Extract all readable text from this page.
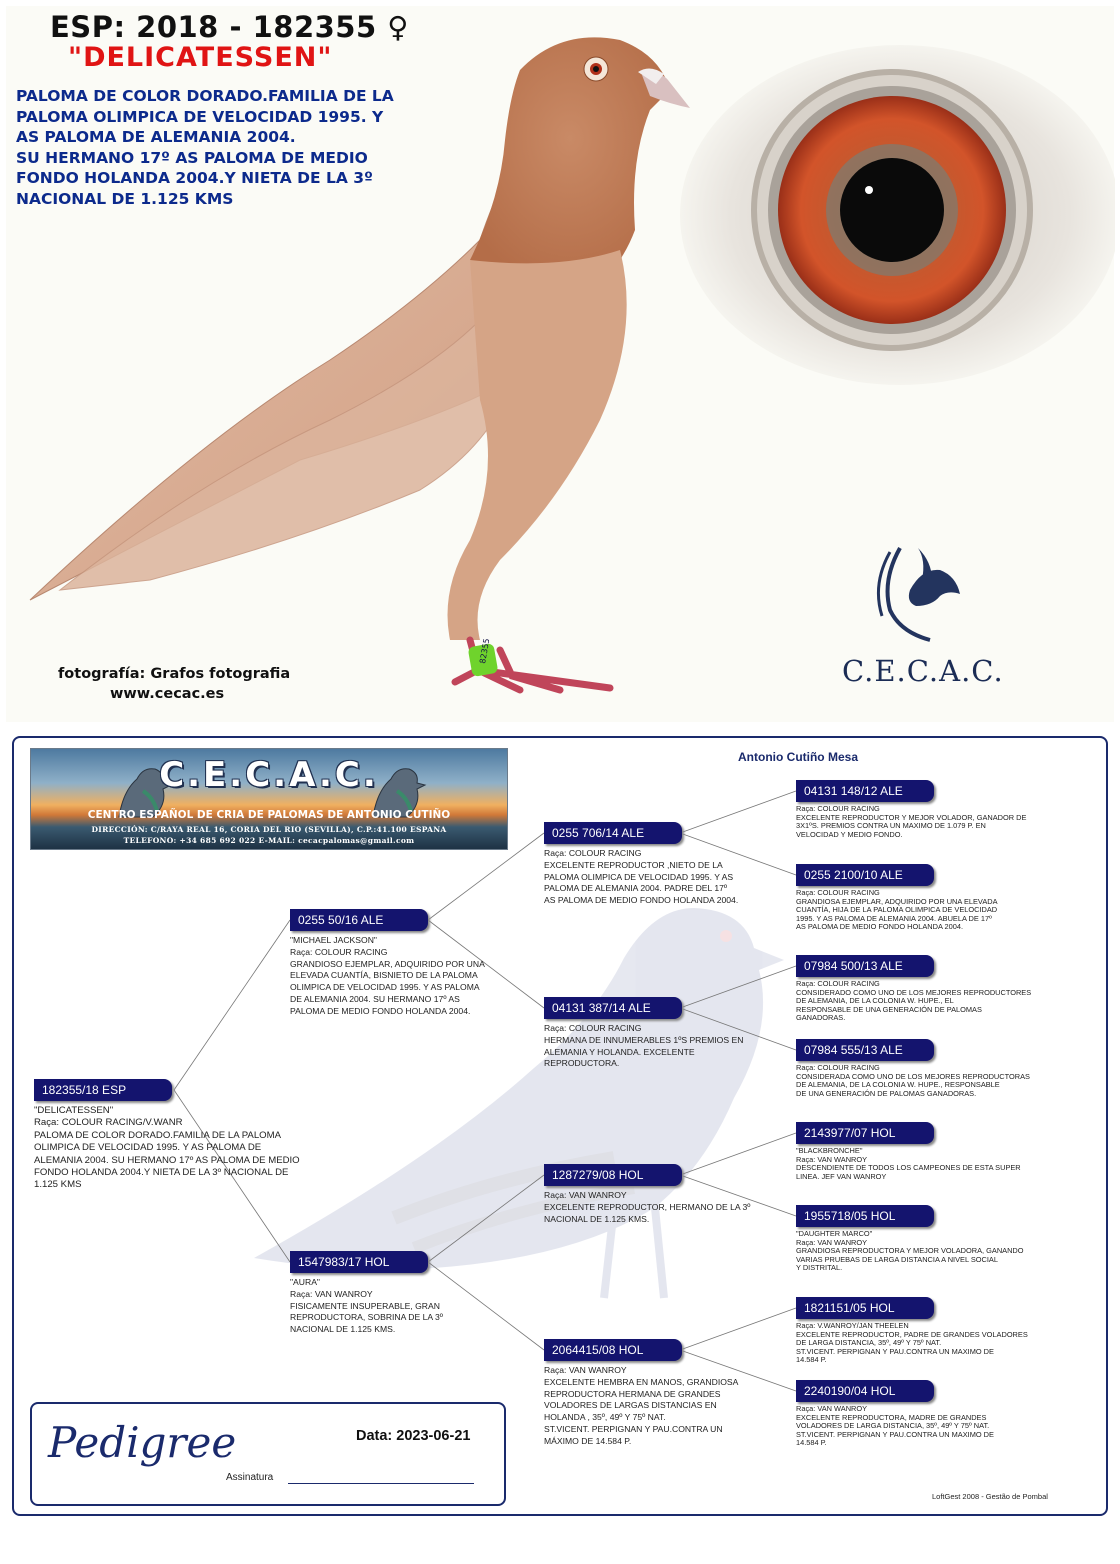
82355
ESP: 2018 - 182355 ♀
"DELICATESSEN"
PALOMA DE COLOR DORADO.FAMILIA DE LA
PALOMA OLIMPICA DE VELOCIDAD 1995. Y
AS PALOMA DE ALEMANIA 2004.
SU HERMANO 17º AS PALOMA DE MEDIO
FONDO HOLANDA 2004.Y NIETA DE LA 3º
NACIONAL DE 1.125 KMS
fotografía: Grafos fotografia
www.cecac.es
C.E.C.A.C.
Antonio Cutiño Mesa
C.E.C.A.C.
CENTRO ESPAÑOL DE CRIA DE PALOMAS DE ANTONIO CUTIÑO
DIRECCIÓN: C/RAYA REAL 16, CORIA DEL RIO (SEVILLA), C.P.:41.100 ESPANA
TELEFONO: +34 685 692 022 E-MAIL: cecacpalomas@gmail.com
182355/18 ESP
"DELICATESSEN"
Raça: COLOUR RACING/V.WANR
PALOMA DE COLOR DORADO.FAMILIA DE LA PALOMA
OLIMPICA DE VELOCIDAD 1995. Y AS PALOMA DE
ALEMANIA 2004. SU HERMANO 17º AS PALOMA DE MEDIO
FONDO HOLANDA 2004.Y NIETA DE LA 3º NACIONAL DE
1.125 KMS
0255 50/16 ALE
"MICHAEL JACKSON"
Raça: COLOUR RACING
GRANDIOSO EJEMPLAR, ADQUIRIDO POR UNA
ELEVADA CUANTÍA, BISNIETO DE LA PALOMA
OLIMPICA DE VELOCIDAD 1995. Y AS PALOMA
DE ALEMANIA 2004. SU HERMANO 17º AS
PALOMA DE MEDIO FONDO HOLANDA 2004.
1547983/17 HOL
"AURA"
Raça: VAN WANROY
FISICAMENTE INSUPERABLE, GRAN
REPRODUCTORA, SOBRINA DE LA 3º
NACIONAL DE 1.125 KMS.
0255 706/14 ALE
Raça: COLOUR RACING
EXCELENTE REPRODUCTOR ,NIETO DE LA
PALOMA OLIMPICA DE VELOCIDAD 1995. Y AS
PALOMA DE ALEMANIA 2004. PADRE DEL 17º
AS PALOMA DE MEDIO FONDO HOLANDA 2004.
04131 387/14 ALE
Raça: COLOUR RACING
HERMANA DE INNUMERABLES 1ºS PREMIOS EN
ALEMANIA Y HOLANDA. EXCELENTE
REPRODUCTORA.
1287279/08 HOL
Raça: VAN WANROY
EXCELENTE REPRODUCTOR, HERMANO DE LA 3º
NACIONAL DE 1.125 KMS.
2064415/08 HOL
Raça: VAN WANROY
EXCELENTE HEMBRA EN MANOS, GRANDIOSA
REPRODUCTORA HERMANA DE GRANDES
VOLADORES DE LARGAS DISTANCIAS EN
HOLANDA , 35º, 49º Y 75º NAT.
ST.VICENT. PERPIGNAN Y PAU.CONTRA UN
MÁXIMO DE 14.584 P.
04131 148/12 ALE
Raça: COLOUR RACING
EXCELENTE REPRODUCTOR Y MEJOR VOLADOR, GANADOR DE
3X1ºS. PREMIOS CONTRA UN MAXIMO DE 1.079 P. EN
VELOCIDAD Y MEDIO FONDO.
0255 2100/10 ALE
Raça: COLOUR RACING
GRANDIOSA EJEMPLAR, ADQUIRIDO POR UNA ELEVADA
CUANTÍA, HIJA DE LA PALOMA OLIMPICA DE VELOCIDAD
1995. Y AS PALOMA DE ALEMANIA 2004. ABUELA DE 17º
AS PALOMA DE MEDIO FONDO HOLANDA 2004.
07984 500/13 ALE
Raça: COLOUR RACING
CONSIDERADO COMO UNO DE LOS MEJORES REPRODUCTORES
DE ALEMANIA, DE LA COLONIA W. HUPE., EL
RESPONSABLE DE UNA GENERACIÓN DE PALOMAS
GANADORAS.
07984 555/13 ALE
Raça: COLOUR RACING
CONSIDERADA COMO UNO DE LOS MEJORES REPRODUCTORAS
DE ALEMANIA, DE LA COLONIA W. HUPE., RESPONSABLE
DE UNA GENERACIÓN DE PALOMAS GANADORAS.
2143977/07 HOL
"BLACKBRONCHE"
Raça: VAN WANROY
DESCENDIENTE DE TODOS LOS CAMPEONES DE ESTA SUPER
LINEA. JEF VAN WANROY
1955718/05 HOL
"DAUGHTER MARCO"
Raça: VAN WANROY
GRANDIOSA REPRODUCTORA Y MEJOR VOLADORA, GANANDO
VARIAS PRUEBAS DE LARGA DISTANCIA A NIVEL SOCIAL
Y DISTRITAL.
1821151/05 HOL
Raça: V.WANROY/JAN THEELEN
EXCELENTE REPRODUCTOR, PADRE DE GRANDES VOLADORES
DE LARGA DISTANCIA, 35º, 49º Y 75º NAT.
ST.VICENT. PERPIGNAN Y PAU.CONTRA UN MAXIMO DE
14.584 P.
2240190/04 HOL
Raça: VAN WANROY
EXCELENTE REPRODUCTORA, MADRE DE GRANDES
VOLADORES DE LARGA DISTANCIA, 35º, 49º Y 75º NAT.
ST.VICENT. PERPIGNAN Y PAU.CONTRA UN MAXIMO DE
14.584 P.
Pedigree	Data: 2023-06-21
Assinatura
LoftGest 2008 - Gestão de Pombal
